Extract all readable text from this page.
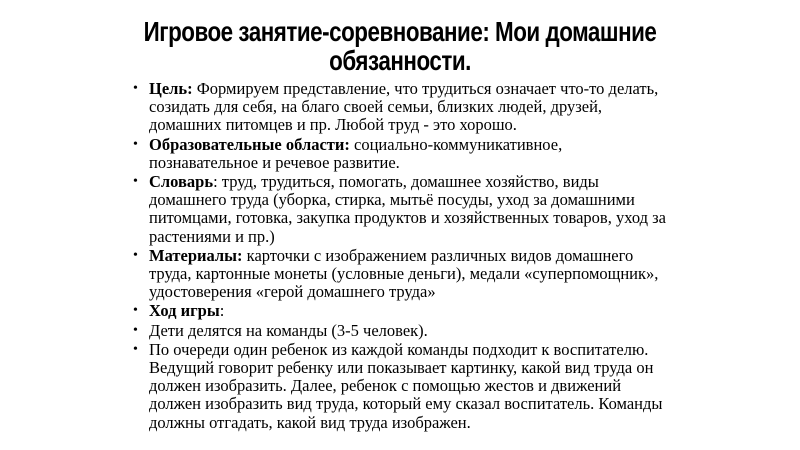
Игровое занятие-соревнование: Мои домашние обязанности.
• Цель: Формируем представление, что трудиться означает что-то делать, созидать для себя, на благо своей семьи, близких людей, друзей, домашних питомцев и пр. Любой труд - это хорошо.
• Образовательные области: социально-коммуникативное, познавательное и речевое развитие.
• Словарь: труд, трудиться, помогать, домашнее хозяйство, виды домашнего труда (уборка, стирка, мытьё посуды, уход за домашними питомцами, готовка, закупка продуктов и хозяйственных товаров, уход за растениями и пр.)
• Материалы: карточки с изображением различных видов домашнего труда, картонные монеты (условные деньги), медали «суперпомощник», удостоверения «герой домашнего труда»
• Ход игры:
• Дети делятся на команды (3-5 человек).
• По очереди один ребенок из каждой команды подходит к воспитателю. Ведущий говорит ребенку или показывает картинку, какой вид труда он должен изобразить. Далее, ребенок с помощью жестов и движений должен изобразить вид труда, который ему сказал воспитатель. Команды должны отгадать, какой вид труда изображен.
